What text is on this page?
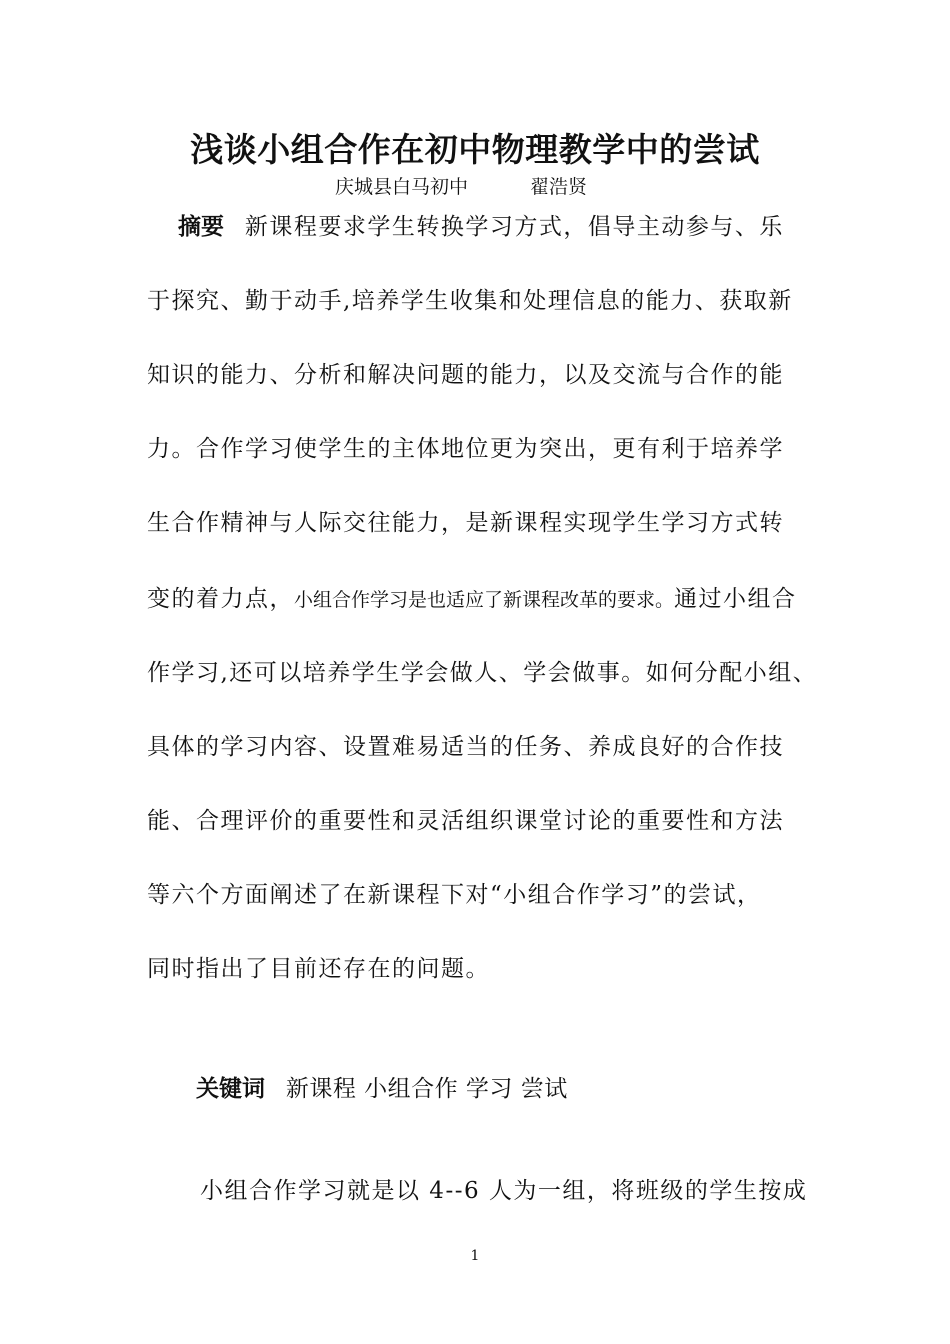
浅谈小组合作在初中物理教学中的尝试
庆城县白马初中	翟浩贤
摘要 新课程要求学生转换学习方式，倡导主动参与、乐
于探究、勤于动手,培养学生收集和处理信息的能力、获取新
知识的能力、分析和解决问题的能力，以及交流与合作的能
力。合作学习使学生的主体地位更为突出，更有利于培养学
生合作精神与人际交往能力，是新课程实现学生学习方式转
变的着力点，小组合作学习是也适应了新课程改革的要求。通过小组合
作学习,还可以培养学生学会做人、学会做事。如何分配小组、
具体的学习内容、设置难易适当的任务、养成良好的合作技
能、合理评价的重要性和灵活组织课堂讨论的重要性和方法
等六个方面阐述了在新课程下对“小组合作学习”的尝试，
同时指出了目前还存在的问题。
关键词 新课程 小组合作 学习 尝试
小组合作学习就是以 4--6 人为一组，将班级的学生按成
1
